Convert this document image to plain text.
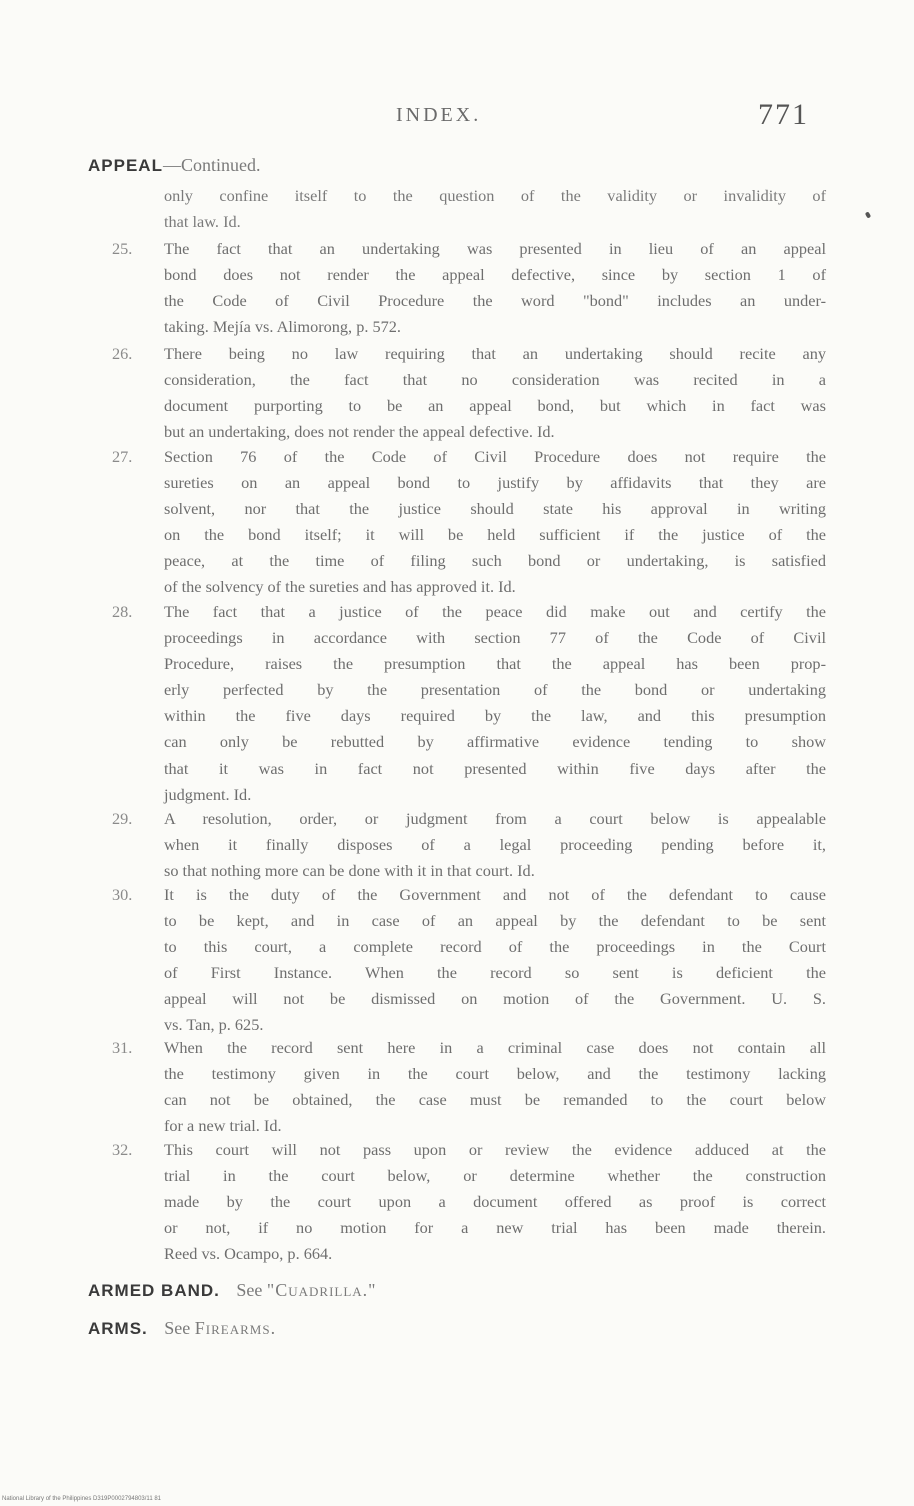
INDEX.	771
APPEAL—Continued.
only confine itself to the question of the validity or invalidity of
that law. Id.
25. The fact that an undertaking was presented in lieu of an appeal
bond does not render the appeal defective, since by section 1 of
the Code of Civil Procedure the word "bond" includes an under-
taking. Mejía vs. Alimorong, p. 572.
26. There being no law requiring that an undertaking should recite any
consideration, the fact that no consideration was recited in a
document purporting to be an appeal bond, but which in fact was
but an undertaking, does not render the appeal defective. Id.
27. Section 76 of the Code of Civil Procedure does not require the
sureties on an appeal bond to justify by affidavits that they are
solvent, nor that the justice should state his approval in writing
on the bond itself; it will be held sufficient if the justice of the
peace, at the time of filing such bond or undertaking, is satisfied
of the solvency of the sureties and has approved it. Id.
28. The fact that a justice of the peace did make out and certify the
proceedings in accordance with section 77 of the Code of Civil
Procedure, raises the presumption that the appeal has been prop-
erly perfected by the presentation of the bond or undertaking
within the five days required by the law, and this presumption
can only be rebutted by affirmative evidence tending to show
that it was in fact not presented within five days after the
judgment. Id.
29. A resolution, order, or judgment from a court below is appealable
when it finally disposes of a legal proceeding pending before it,
so that nothing more can be done with it in that court. Id.
30. It is the duty of the Government and not of the defendant to cause
to be kept, and in case of an appeal by the defendant to be sent
to this court, a complete record of the proceedings in the Court
of First Instance. When the record so sent is deficient the
appeal will not be dismissed on motion of the Government. U. S.
vs. Tan, p. 625.
31. When the record sent here in a criminal case does not contain all
the testimony given in the court below, and the testimony lacking
can not be obtained, the case must be remanded to the court below
for a new trial. Id.
32. This court will not pass upon or review the evidence adduced at the
trial in the court below, or determine whether the construction
made by the court upon a document offered as proof is correct
or not, if no motion for a new trial has been made therein.
Reed vs. Ocampo, p. 664.
ARMED BAND. See "Cuadrilla."
ARMS. See Firearms.
National Library of the Philippines D319P0002794803/11 81
